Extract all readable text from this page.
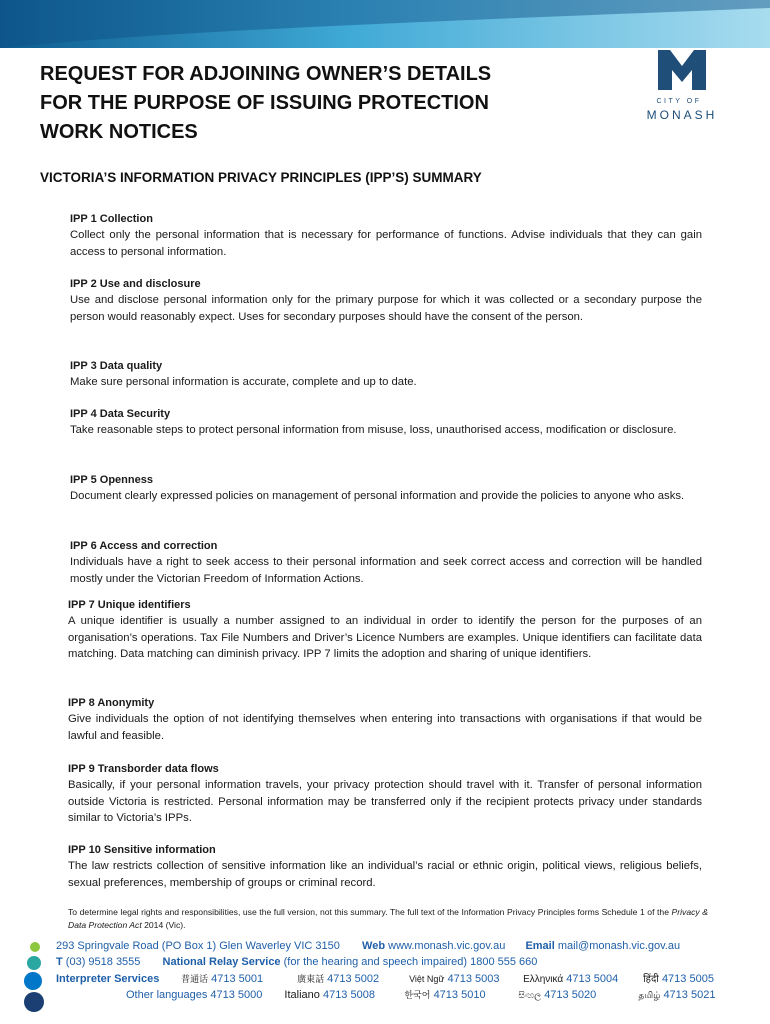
CITY OF
MONASH
REQUEST FOR ADJOINING OWNER’S DETAILS
FOR THE PURPOSE OF ISSUING PROTECTION
WORK NOTICES
VICTORIA’S INFORMATION PRIVACY PRINCIPLES (IPP’S) SUMMARY
IPP 1 Collection

Collect only the personal information that is necessary for performance of functions. Advise individuals that they can gain access to personal information.

IPP 2 Use and disclosure

Use and disclose personal information only for the primary purpose for which it was collected or a secondary purpose the person would reasonably expect. Uses for secondary purposes should have the consent of the person.

IPP 3 Data quality

Make sure personal information is accurate, complete and up to date.

IPP 4 Data Security

Take reasonable steps to protect personal information from misuse, loss, unauthorised access, modification or disclosure.

IPP 5 Openness

Document clearly expressed policies on management of personal information and provide the policies to anyone who asks.

IPP 6 Access and correction

Individuals have a right to seek access to their personal information and seek correct access and correction will be handled mostly under the Victorian Freedom of Information Actions.

IPP 7 Unique identifiers

A unique identifier is usually a number assigned to an individual in order to identify the person for the purposes of an organisation’s operations. Tax File Numbers and Driver’s Licence Numbers are examples. Unique identifiers can facilitate data matching. Data matching can diminish privacy. IPP 7 limits the adoption and sharing of unique identifiers.

IPP 8 Anonymity

Give individuals the option of not identifying themselves when entering into transactions with organisations if that would be lawful and feasible.

IPP 9 Transborder data flows

Basically, if your personal information travels, your privacy protection should travel with it. Transfer of personal information outside Victoria is restricted. Personal information may be transferred only if the recipient protects privacy under standards similar to Victoria’s IPPs.

IPP 10 Sensitive information

The law restricts collection of sensitive information like an individual’s racial or ethnic origin, political views, religious beliefs, sexual preferences, membership of groups or criminal record.

To determine legal rights and responsibilities, use the full version, not this summary. The full text of the Information Privacy Principles forms Schedule 1 of the Privacy & Data Protection Act 2014 (Vic).
293 Springvale Road (PO Box 1) Glen Waverley VIC 3150 Web www.monash.vic.gov.au Email mail@monash.vic.gov.au
T (03) 9518 3555 National Relay Service (for the hearing and speech impaired) 1800 555 660
Interpreter Services 普通话 4713 5001	廣東話 4713 5002	Việt Ngữ 4713 5003 Ελληνικά 4713 5004 हिंदी 4713 5005
Other languages 4713 5000 Italiano 4713 5008	한국어 4713 5010	සිංහල 4713 5020	தமிழ் 4713 5021
